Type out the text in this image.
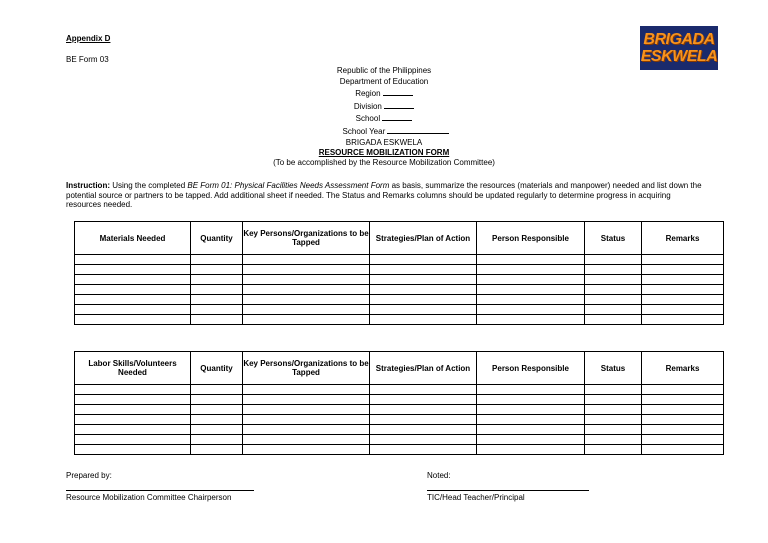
Appendix D
BE Form 03
BRIGADA
ESKWELA
Republic of the Philippines
Department of Education
Region
Division
School
School Year
BRIGADA ESKWELA
RESOURCE MOBILIZATION FORM
(To be accomplished by the Resource Mobilization Committee)
Instruction: Using the completed BE Form 01: Physical Facilities Needs Assessment Form as basis, summarize the resources (materials and manpower) needed and list down the potential source or partners to be tapped. Add additional sheet if needed. The Status and Remarks columns should be updated regularly to determine progress in acquiring resources needed.
Materials Needed	Quantity	Key Persons/Organizations to be Tapped	Strategies/Plan of Action	Person Responsible	Status	Remarks

Labor Skills/Volunteers Needed	Quantity	Key Persons/Organizations to be Tapped	Strategies/Plan of Action	Person Responsible	Status	Remarks

Prepared by:
Resource Mobilization Committee Chairperson
Noted:
TIC/Head Teacher/Principal
